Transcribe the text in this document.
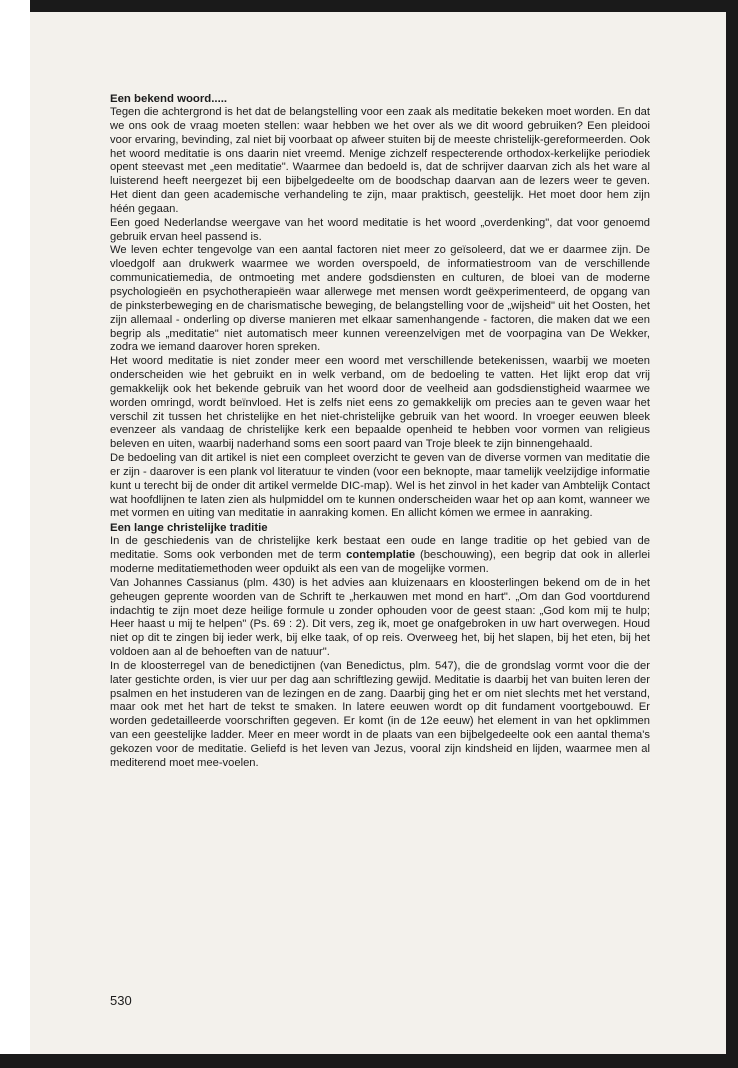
Een bekend woord.....

Tegen die achtergrond is het dat de belangstelling voor een zaak als meditatie bekeken moet worden. En dat we ons ook de vraag moeten stellen: waar hebben we het over als we dit woord gebruiken? Een pleidooi voor ervaring, bevinding, zal niet bij voorbaat op afweer stuiten bij de meeste christelijk-gereformeerden. Ook het woord meditatie is ons daarin niet vreemd. Menige zichzelf respecterende orthodox-kerkelijke periodiek opent steevast met „een meditatie". Waarmee dan bedoeld is, dat de schrijver daarvan zich als het ware al luisterend heeft neergezet bij een bijbelgedeelte om de boodschap daarvan aan de lezers weer te geven. Het dient dan geen academische verhandeling te zijn, maar praktisch, geestelijk. Het moet door hem zijn héén gegaan.

Een goed Nederlandse weergave van het woord meditatie is het woord „overdenking", dat voor genoemd gebruik ervan heel passend is.

We leven echter tengevolge van een aantal factoren niet meer zo geïsoleerd, dat we er daarmee zijn. De vloedgolf aan drukwerk waarmee we worden overspoeld, de informatiestroom van de verschillende communicatiemedia, de ontmoeting met andere godsdiensten en culturen, de bloei van de moderne psychologieën en psychotherapieën waar allerwege met mensen wordt geëxperimenteerd, de opgang van de pinksterbeweging en de charismatische beweging, de belangstelling voor de „wijsheid" uit het Oosten, het zijn allemaal - onderling op diverse manieren met elkaar samenhangende - factoren, die maken dat we een begrip als „meditatie" niet automatisch meer kunnen vereenzelvigen met de voorpagina van De Wekker, zodra we iemand daarover horen spreken.

Het woord meditatie is niet zonder meer een woord met verschillende betekenissen, waarbij we moeten onderscheiden wie het gebruikt en in welk verband, om de bedoeling te vatten. Het lijkt erop dat vrij gemakkelijk ook het bekende gebruik van het woord door de veelheid aan godsdienstigheid waarmee we worden omringd, wordt beïnvloed. Het is zelfs niet eens zo gemakkelijk om precies aan te geven waar het verschil zit tussen het christelijke en het niet-christelijke gebruik van het woord. In vroeger eeuwen bleek evenzeer als vandaag de christelijke kerk een bepaalde openheid te hebben voor vormen van religieus beleven en uiten, waarbij naderhand soms een soort paard van Troje bleek te zijn binnengehaald.

De bedoeling van dit artikel is niet een compleet overzicht te geven van de diverse vormen van meditatie die er zijn - daarover is een plank vol literatuur te vinden (voor een beknopte, maar tamelijk veelzijdige informatie kunt u terecht bij de onder dit artikel vermelde DIC-map). Wel is het zinvol in het kader van Ambtelijk Contact wat hoofdlijnen te laten zien als hulpmiddel om te kunnen onderscheiden waar het op aan komt, wanneer we met vormen en uiting van meditatie in aanraking komen. En allicht kómen we ermee in aanraking.

Een lange christelijke traditie

In de geschiedenis van de christelijke kerk bestaat een oude en lange traditie op het gebied van de meditatie. Soms ook verbonden met de term contemplatie (beschouwing), een begrip dat ook in allerlei moderne meditatiemethoden weer opduikt als een van de mogelijke vormen.

Van Johannes Cassianus (plm. 430) is het advies aan kluizenaars en kloosterlingen bekend om de in het geheugen geprente woorden van de Schrift te „herkauwen met mond en hart". „Om dan God voortdurend indachtig te zijn moet deze heilige formule u zonder ophouden voor de geest staan: „God kom mij te hulp; Heer haast u mij te helpen" (Ps. 69 : 2). Dit vers, zeg ik, moet ge onafgebroken in uw hart overwegen. Houd niet op dit te zingen bij ieder werk, bij elke taak, of op reis. Overweeg het, bij het slapen, bij het eten, bij het voldoen aan al de behoeften van de natuur".

In de kloosterregel van de benedictijnen (van Benedictus, plm. 547), die de grondslag vormt voor die der later gestichte orden, is vier uur per dag aan schriftlezing gewijd. Meditatie is daarbij het van buiten leren der psalmen en het instuderen van de lezingen en de zang. Daarbij ging het er om niet slechts met het verstand, maar ook met het hart de tekst te smaken. In latere eeuwen wordt op dit fundament voortgebouwd. Er worden gedetailleerde voorschriften gegeven. Er komt (in de 12e eeuw) het element in van het opklimmen van een geestelijke ladder. Meer en meer wordt in de plaats van een bijbelgedeelte ook een aantal thema's gekozen voor de meditatie. Geliefd is het leven van Jezus, vooral zijn kindsheid en lijden, waarmee men al mediterend moet mee-voelen.

530
